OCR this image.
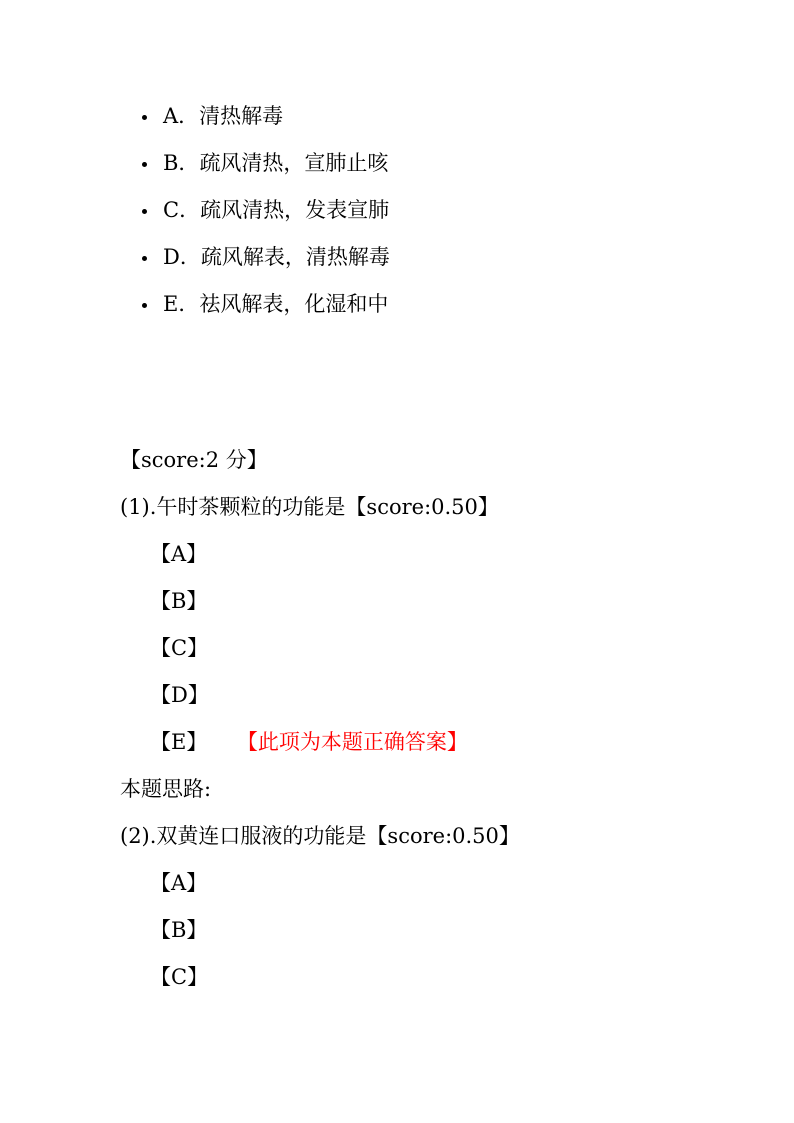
A． 清热解毒
B． 疏风清热，宣肺止咳
C． 疏风清热，发表宣肺
D． 疏风解表，清热解毒
E． 祛风解表，化湿和中
【score:2 分】
(1).午时茶颗粒的功能是【score:0.50】
【A】
【B】
【C】
【D】
【E】 【此项为本题正确答案】
本题思路:
(2).双黄连口服液的功能是【score:0.50】
【A】
【B】
【C】
